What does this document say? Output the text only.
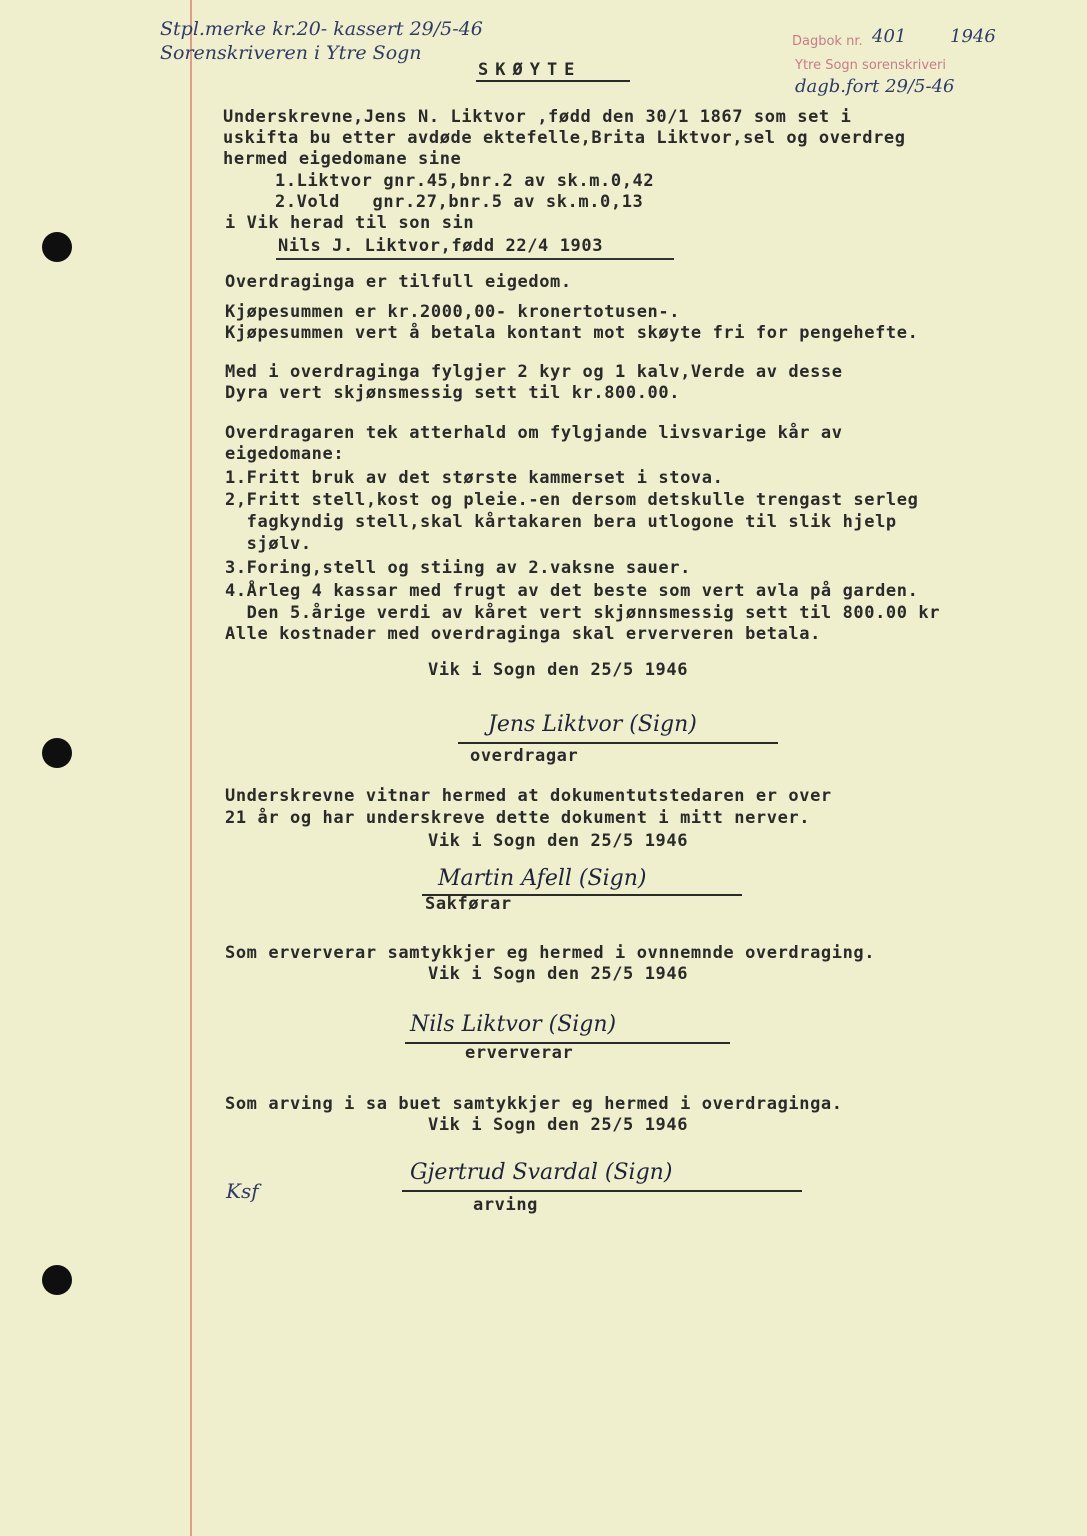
Stpl.merke kr.20- kassert 29/5-46
Sorenskriveren i Ytre Sogn
Dagbok nr. 401 1946
Ytre Sogn sorenskriveri
dagb.fort 29/5-46
SKØYTE
Underskrevne,Jens N. Liktvor ,fødd den 30/1 1867 som set i
uskifta bu etter avdøde ektefelle,Brita Liktvor,sel og overdreg
hermed eigedomane sine
1.Liktvor gnr.45,bnr.2 av sk.m.0,42
2.Vold   gnr.27,bnr.5 av sk.m.0,13
i Vik herad til son sin
Nils J. Liktvor,fødd 22/4 1903
Overdraginga er tilfull eigedom.
Kjøpesummen er kr.2000,00- kronertotusen-.
Kjøpesummen vert å betala kontant mot skøyte fri for pengehefte.
Med i overdraginga fylgjer 2 kyr og 1 kalv,Verde av desse
Dyra vert skjønsmessig sett til kr.800.00.
Overdragaren tek atterhald om fylgjande livsvarige kår av
eigedomane:
1.Fritt bruk av det største kammerset i stova.
2,Fritt stell,kost og pleie.-en dersom detskulle trengast serleg
fagkyndig stell,skal kårtakaren bera utlogone til slik hjelp
sjølv.
3.Foring,stell og stiing av 2.vaksne sauer.
4.Årleg 4 kassar med frugt av det beste som vert avla på garden.
Den 5.årige verdi av kåret vert skjønnsmessig sett til 800.00 kr
Alle kostnader med overdraginga skal erververen betala.
Vik i Sogn den 25/5 1946
Jens Liktvor (Sign)
overdragar
Underskrevne vitnar hermed at dokumentutstedaren er over
21 år og har underskreve dette dokument i mitt nerver.
Vik i Sogn den 25/5 1946
Martin Afell (Sign)
Sakførar
Som erververar samtykkjer eg hermed i ovnnemnde overdraging.
Vik i Sogn den 25/5 1946
Nils Liktvor (Sign)
erververar
Som arving i sa buet samtykkjer eg hermed i overdraginga.
Vik i Sogn den 25/5 1946
Gjertrud Svardal (Sign)
arving
Ksf
